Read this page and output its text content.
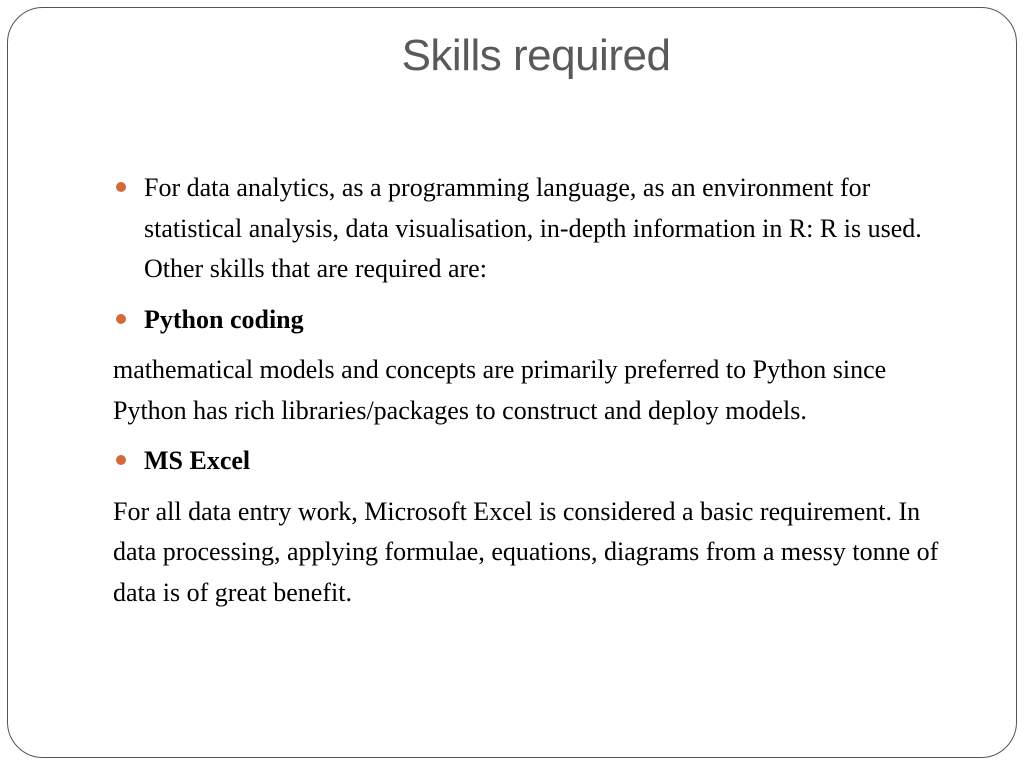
Skills required

For data analytics, as a programming language, as an environment for statistical analysis, data visualisation, in-depth information in R: R is used. Other skills that are required are:

Python coding

mathematical models and concepts are primarily preferred to Python since Python has rich libraries/packages to construct and deploy models.

MS Excel

For all data entry work, Microsoft Excel is considered a basic requirement. In data processing, applying formulae, equations, diagrams from a messy tonne of data is of great benefit.
